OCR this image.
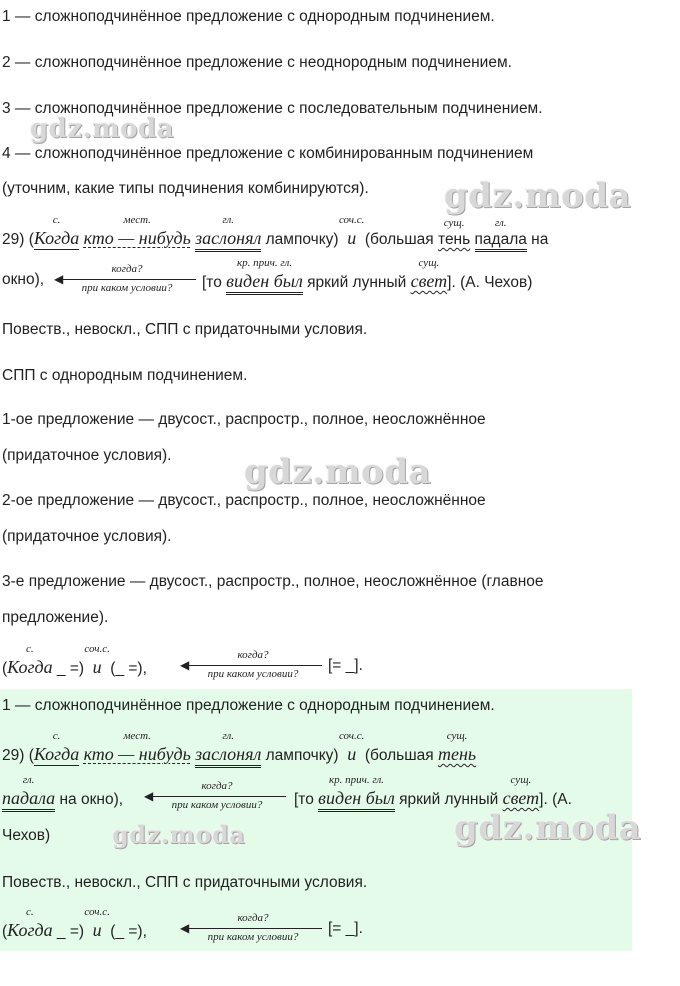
1 — сложноподчинённое предложение с однородным подчинением.
2 — сложноподчинённое предложение с неоднородным подчинением.
3 — сложноподчинённое предложение с последовательным подчинением.
4 — сложноподчинённое предложение с комбинированным подчинением
(уточним, какие типы подчинения комбинируются).
29) (
с.
Когда
мест.
кто — нибудь
гл.
заслонял лампочку)
соч.с.
и (большая
сущ.
тень
гл.
падала на
окно), ◀
когда?
при каком условии?	[то
кр. прич. гл.
виден был яркий лунный
сущ.
свет]. (А. Чехов)
Повеств., невоскл., СПП с придаточными условия.
СПП с однородным подчинением.
1-ое предложение — двусост., распростр., полное, неосложнённое
(придаточное условия).
2-ое предложение — двусост., распростр., полное, неосложнённое
(придаточное условия).
3-е предложение — двусост., распростр., полное, неосложнённое (главное
предложение).
(
с.
Когда _ =)
соч.с.
и (_ =),	◀
когда?
при каком условии?	[= _].
1 — сложноподчинённое предложение с однородным подчинением.
29) (
с.
Когда
мест.
кто — нибудь
гл.
заслонял лампочку)
соч.с.
и (большая
сущ.
тень
гл.
падала на окно), ◀
когда?
при каком условии?	[то
кр. прич. гл.
виден был яркий лунный
сущ.
свет]. (А.
Чехов)
Повеств., невоскл., СПП с придаточными условия.
(
с.
Когда _ =)
соч.с.
и (_ =),	◀
когда?
при каком условии?	[= _].
gdz.moda
gdz.moda
gdz.moda
gdz.moda	gdz.moda
